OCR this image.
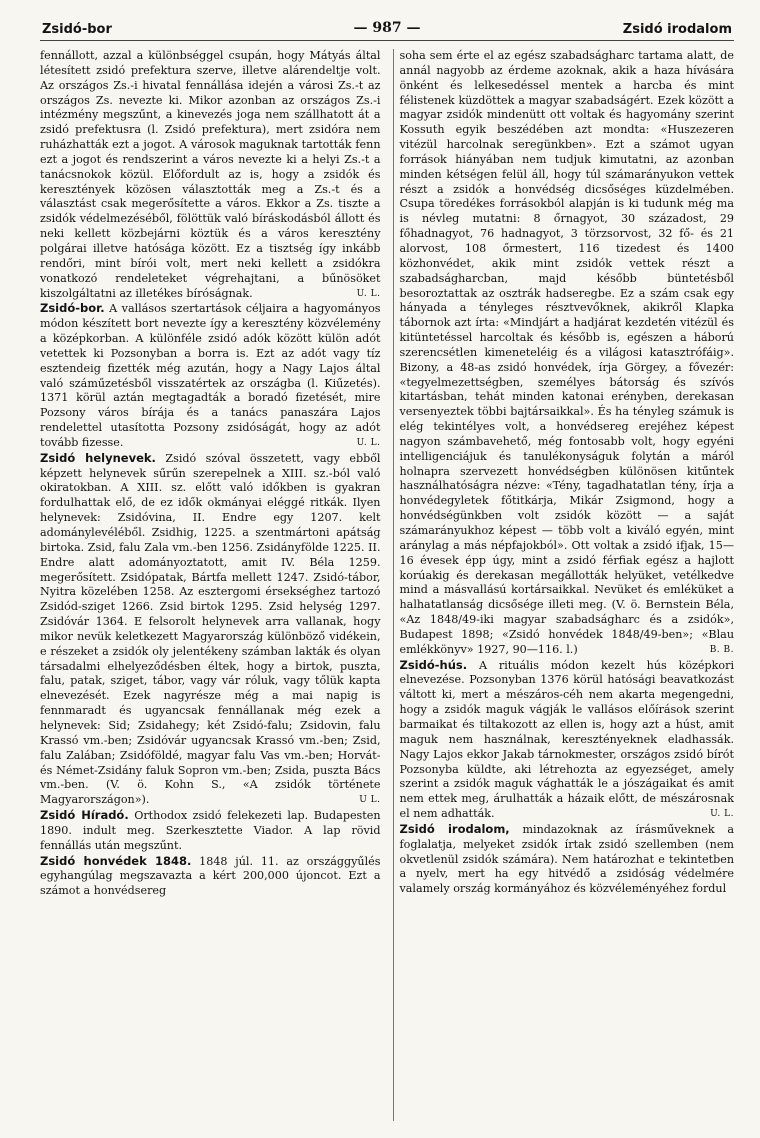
Zsidó-bor	— 987 —	Zsidó irodalom

fennállott, azzal a különbséggel csupán, hogy Mátyás által létesített zsidó prefektura szerve, illetve alárendeltje volt. Az országos Zs.-i hivatal fennállása idején a városi Zs.-t az országos Zs. nevezte ki. Mikor azonban az országos Zs.-i intézmény megszűnt, a kinevezés joga nem szállhatott át a zsidó prefektusra (l. Zsidó prefektura), mert zsidóra nem ruházhatták ezt a jogot. A városok maguknak tartották fenn ezt a jogot és rendszerint a város nevezte ki a helyi Zs.-t a tanácsnokok közül. Előfordult az is, hogy a zsidók és keresztények közösen választották meg a Zs.-t és a választást csak megerősítette a város. Ekkor a Zs. tiszte a zsidók védelmezéséből, fölöttük való bíráskodásból állott és neki kellett közbejárni köztük és a város keresztény polgárai illetve hatósága között. Ez a tisztség így inkább rendőri, mint bírói volt, mert neki kellett a zsidókra vonatkozó rendeleteket végrehajtani, a bűnösöket kiszolgáltatni az illetékes bíróságnak.	U. L.

Zsidó-bor. A vallásos szertartások céljaira a hagyományos módon készített bort nevezte így a keresztény közvélemény a középkorban. A különféle zsidó adók között külön adót vetettek ki Pozsonyban a borra is. Ezt az adót vagy tíz esztendeig fizették még azután, hogy a Nagy Lajos által való száműzetésből visszatértek az országba (l. Kiűzetés). 1371 körül aztán megtagadták a boradó fizetését, mire Pozsony város bírája és a tanács panaszára Lajos rendelettel utasította Pozsony zsidóságát, hogy az adót tovább fizesse.	U. L.

Zsidó helynevek. Zsidó szóval összetett, vagy ebből képzett helynevek sűrűn szerepelnek a XIII. sz.-ból való okiratokban. A XIII. sz. előtt való időkben is gyakran fordulhattak elő, de ez idők okmányai eléggé ritkák. Ilyen helynevek: Zsidóvina, II. Endre egy 1207. kelt adománylevéléből. Zsidhig, 1225. a szentmártoni apátság birtoka. Zsid, falu Zala vm.-ben 1256. Zsidányfölde 1225. II. Endre alatt adományoztatott, amit IV. Béla 1259. megerősített. Zsidópatak, Bártfa mellett 1247. Zsidó-tábor, Nyitra közelében 1258. Az esztergomi érsekséghez tartozó Zsidód-sziget 1266. Zsid birtok 1295. Zsid helység 1297. Zsidóvár 1364. E felsorolt helynevek arra vallanak, hogy mikor nevük keletkezett Magyarország különböző vidékein, e részeket a zsidók oly jelentékeny számban lakták és olyan társadalmi elhelyeződésben éltek, hogy a birtok, puszta, falu, patak, sziget, tábor, vagy vár róluk, vagy tőlük kapta elnevezését. Ezek nagyrésze még a mai napig is fennmaradt és ugyancsak fennállanak még ezek a helynevek: Sid; Zsidahegy; két Zsidó-falu; Zsidovin, falu Krassó vm.-ben; Zsidóvár ugyancsak Krassó vm.-ben; Zsid, falu Zalában; Zsidóföldé, magyar falu Vas vm.-ben; Horvát- és Német-Zsidány faluk Sopron vm.-ben; Zsida, puszta Bács vm.-ben. (V. ö. Kohn S., «A zsidók története Magyarországon»).	U L.

Zsidó Híradó. Orthodox zsidó felekezeti lap. Budapesten 1890. indult meg. Szerkesztette Viador. A lap rövid fennállás után megszűnt.

Zsidó honvédek 1848. 1848 júl. 11. az országgyűlés egyhangúlag megszavazta a kért 200,000 újoncot. Ezt a számot a honvédsereg

soha sem érte el az egész szabadságharc tartama alatt, de annál nagyobb az érdeme azoknak, akik a haza hívására önként és lelkesedéssel mentek a harcba és mint félistenek küzdöttek a magyar szabadságért. Ezek között a magyar zsidók mindenütt ott voltak és hagyomány szerint Kossuth egyik beszédében azt mondta: «Huszezeren vitézül harcolnak seregünkben». Ezt a számot ugyan források hiányában nem tudjuk kimutatni, az azonban minden kétségen felül áll, hogy túl számarányukon vettek részt a zsidók a honvédség dicsőséges küzdelmében. Csupa töredékes forrásokból alapján is ki tudunk még ma is névleg mutatni: 8 őrnagyot, 30 századost, 29 főhadnagyot, 76 hadnagyot, 3 törzsorvost, 32 fő- és 21 alorvost, 108 őrmestert, 116 tizedest és 1400 közhonvédet, akik mint zsidók vettek részt a szabadságharcban, majd később büntetésből besoroztattak az osztrák hadseregbe. Ez a szám csak egy hányada a tényleges résztvevőknek, akikről Klapka tábornok azt írta: «Mindjárt a hadjárat kezdetén vitézül és kitüntetéssel harcoltak és később is, egészen a háború szerencsétlen kimeneteléig és a világosi katasztrófáig». Bizony, a 48-as zsidó honvédek, írja Görgey, a fővezér: «tegyelmezettségben, személyes bátorság és szívós kitartásban, tehát minden katonai erényben, derekasan versenyeztek többi bajtársaikkal». És ha tényleg számuk is elég tekintélyes volt, a honvédsereg erejéhez képest nagyon számbavehető, még fontosabb volt, hogy egyéni intelligenciájuk és tanulékonyságuk folytán a máról holnapra szervezett honvédségben különösen kitűntek használhatóságra nézve: «Tény, tagadhatatlan tény, írja a honvédegyletek főtitkárja, Mikár Zsigmond, hogy a honvédségünkben volt zsidók között — a saját számarányukhoz képest — több volt a kiváló egyén, mint aránylag a más népfajokból». Ott voltak a zsidó ifjak, 15—16 évesek épp úgy, mint a zsidó férfiak egész a hajlott korúakig és derekasan megállották helyüket, vetélkedve mind a másvallású kortársaikkal. Nevüket és emléküket a halhatatlanság dicsősége illeti meg. (V. ö. Bernstein Béla, «Az 1848/49-iki magyar szabadságharc és a zsidók», Budapest 1898; «Zsidó honvédek 1848/49-ben»; «Blau emlékkönyv» 1927, 90—116. l.)	B. B.

Zsidó-hús. A rituális módon kezelt hús középkori elnevezése. Pozsonyban 1376 körül hatósági beavatkozást váltott ki, mert a mészáros-céh nem akarta megengedni, hogy a zsidók maguk vágják le vallásos előírások szerint barmaikat és tiltakozott az ellen is, hogy azt a húst, amit maguk nem használnak, keresztényeknek eladhassák. Nagy Lajos ekkor Jakab tárnokmester, országos zsidó bírót Pozsonyba küldte, aki létrehozta az egyezséget, amely szerint a zsidók maguk vághatták le a jószágaikat és amit nem ettek meg, árulhatták a házaik előtt, de mészárosnak el nem adhatták.	U. L.

Zsidó irodalom, mindazoknak az írásműveknek a foglalatja, melyeket zsidók írtak zsidó szellemben (nem okvetlenül zsidók számára). Nem határozhat e tekintetben a nyelv, mert ha egy hitvédő a zsidóság védelmére valamely ország kormányához és közvéleményéhez fordul
